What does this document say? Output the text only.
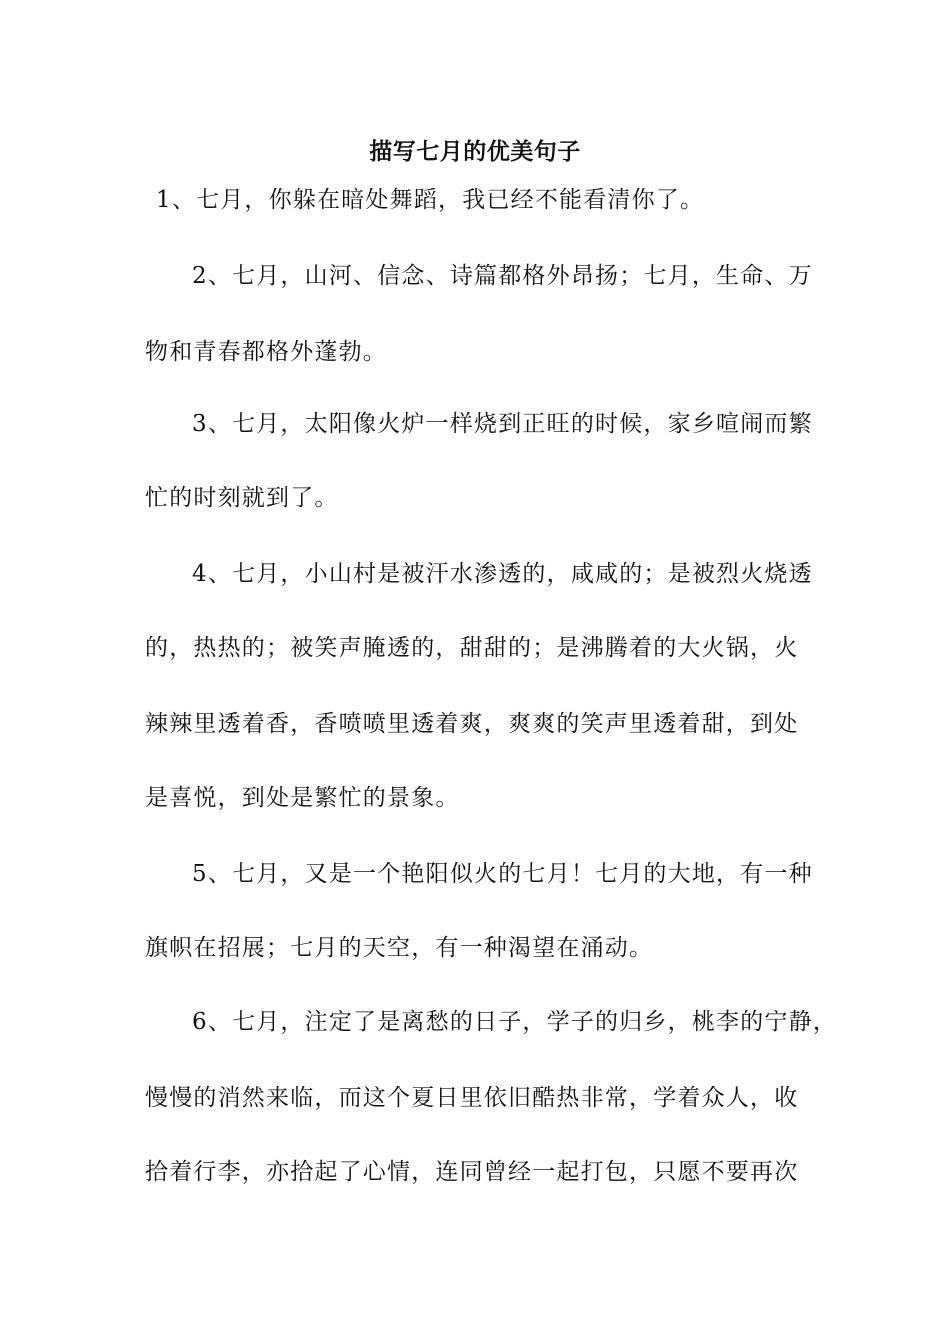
描写七月的优美句子
1、七月，你躲在暗处舞蹈，我已经不能看清你了。
2、七月，山河、信念、诗篇都格外昂扬；七月，生命、万
物和青春都格外蓬勃。
3、七月，太阳像火炉一样烧到正旺的时候，家乡喧闹而繁
忙的时刻就到了。
4、七月，小山村是被汗水渗透的，咸咸的；是被烈火烧透
的，热热的；被笑声腌透的，甜甜的；是沸腾着的大火锅，火
辣辣里透着香，香喷喷里透着爽，爽爽的笑声里透着甜，到处
是喜悦，到处是繁忙的景象。
5、七月，又是一个艳阳似火的七月！七月的大地，有一种
旗帜在招展；七月的天空，有一种渴望在涌动。
6、七月，注定了是离愁的日子，学子的归乡，桃李的宁静，
慢慢的消然来临，而这个夏日里依旧酷热非常，学着众人，收
拾着行李，亦拾起了心情，连同曾经一起打包，只愿不要再次
